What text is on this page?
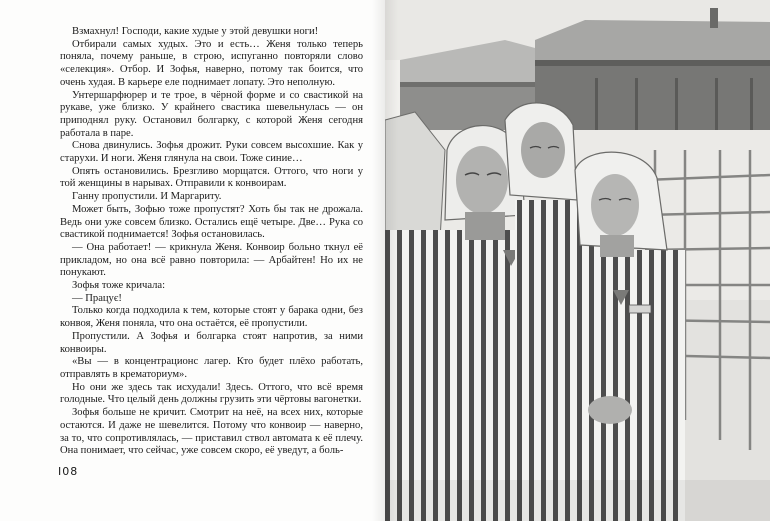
Взмахнул! Господи, какие худые у этой девушки ноги!

Отбирали самых худых. Это и есть… Женя только теперь поняла, почему раньше, в строю, испуганно повторяли слово «селекция». Отбор. И Зофья, наверно, потому так боится, что очень худая. В карьере еле поднимает лопату. Это неполную.

Унтершарфюрер и те трое, в чёрной форме и со свастикой на рукаве, уже близко. У крайнего свастика шевельнулась — он приподнял руку. Остановил болгарку, с которой Женя сегодня работала в паре.

Снова двинулись. Зофья дрожит. Руки совсем высохшие. Как у старухи. И ноги. Женя глянула на свои. Тоже синие…

Опять остановились. Брезгливо морщатся. Оттого, что ноги у той женщины в нарывах. Отправили к конвоирам.

Ганну пропустили. И Маргариту.

Может быть, Зофью тоже пропустят? Хоть бы так не дрожала. Ведь они уже совсем близко. Остались ещё четыре. Две… Рука со свастикой поднимается! Зофья остановилась.

— Она работает! — крикнула Женя. Конвоир больно ткнул её прикладом, но она всё равно повторила: — Арбайтен! Но их не понукают.

Зофья тоже кричала:

— Працує!

Только когда подходила к тем, которые стоят у барака одни, без конвоя, Женя поняла, что она остаётся, её пропустили.

Пропустили. А Зофья и болгарка стоят напротив, за ними конвоиры.

«Вы — в концентрационс лагер. Кто будет плёхо работать, отправлять в крематориум».

Но они же здесь так исхудали! Здесь. Оттого, что всё время голодные. Что целый день должны грузить эти чёртовы вагонетки.

Зофья больше не кричит. Смотрит на неё, на всех них, которые остаются. И даже не шевелится. Потому что конвоир — наверно, за то, что сопротивлялась, — приставил ствол автомата к её плечу. Она понимает, что сейчас, уже совсем скоро, её уведут, а боль-

I08
